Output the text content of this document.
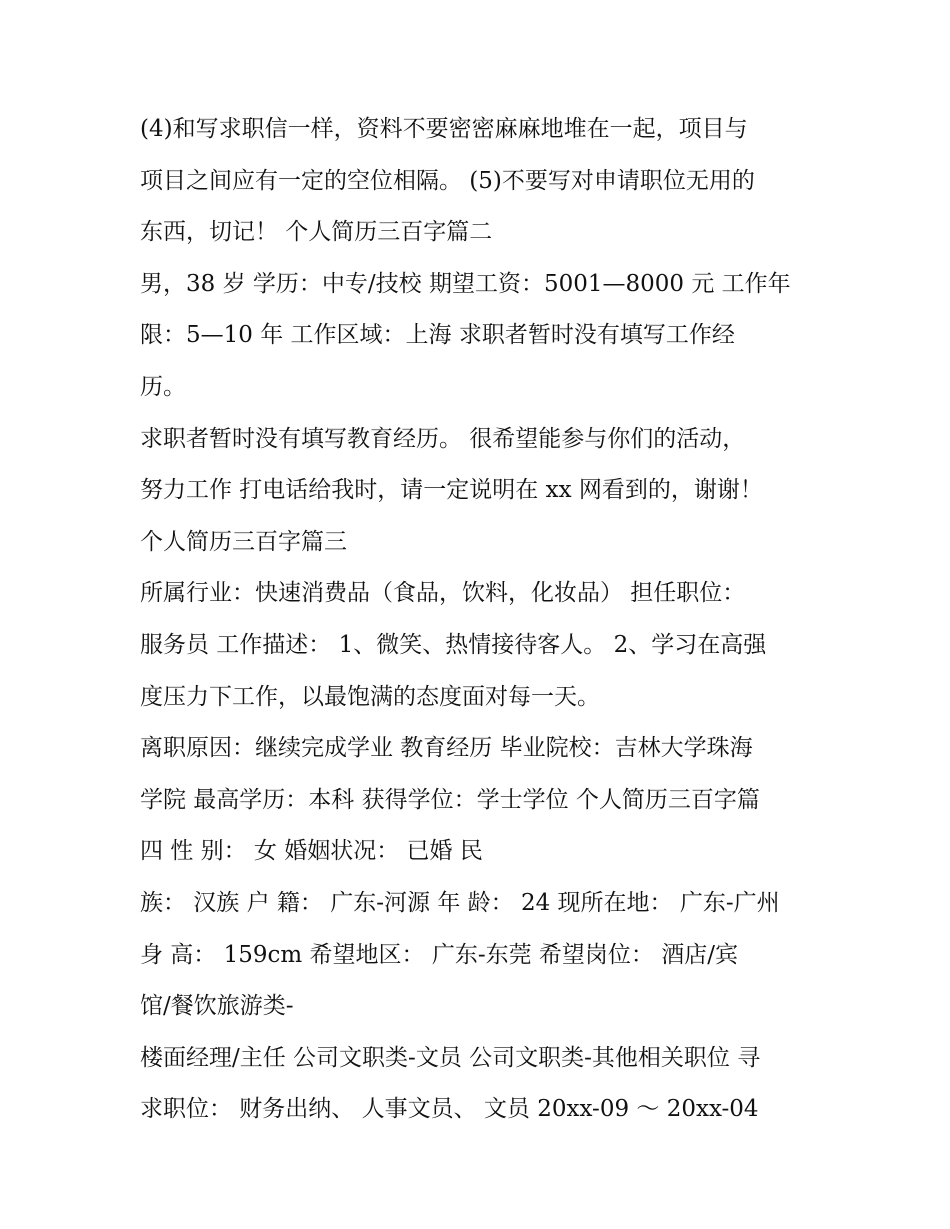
(4)和写求职信一样，资料不要密密麻麻地堆在一起，项目与
项目之间应有一定的空位相隔。 (5)不要写对申请职位无用的
东西，切记！ 个人简历三百字篇二
男，38 岁 学历：中专/技校 期望工资：5001—8000 元 工作年
限：5—10 年 工作区域：上海 求职者暂时没有填写工作经
历。
求职者暂时没有填写教育经历。 很希望能参与你们的活动，
努力工作 打电话给我时，请一定说明在 xx 网看到的，谢谢！
个人简历三百字篇三
所属行业：快速消费品（食品，饮料，化妆品） 担任职位：
服务员 工作描述： 1、微笑、热情接待客人。 2、学习在高强
度压力下工作，以最饱满的态度面对每一天。
离职原因：继续完成学业 教育经历 毕业院校：吉林大学珠海
学院 最高学历：本科 获得学位：学士学位 个人简历三百字篇
四 性 别： 女 婚姻状况： 已婚 民
族： 汉族 户 籍： 广东-河源 年 龄： 24 现所在地： 广东-广州
身 高： 159cm 希望地区： 广东-东莞 希望岗位： 酒店/宾
馆/餐饮旅游类-
楼面经理/主任 公司文职类-文员 公司文职类-其他相关职位 寻
求职位： 财务出纳、 人事文员、 文员 20xx-09 ～ 20xx-04
